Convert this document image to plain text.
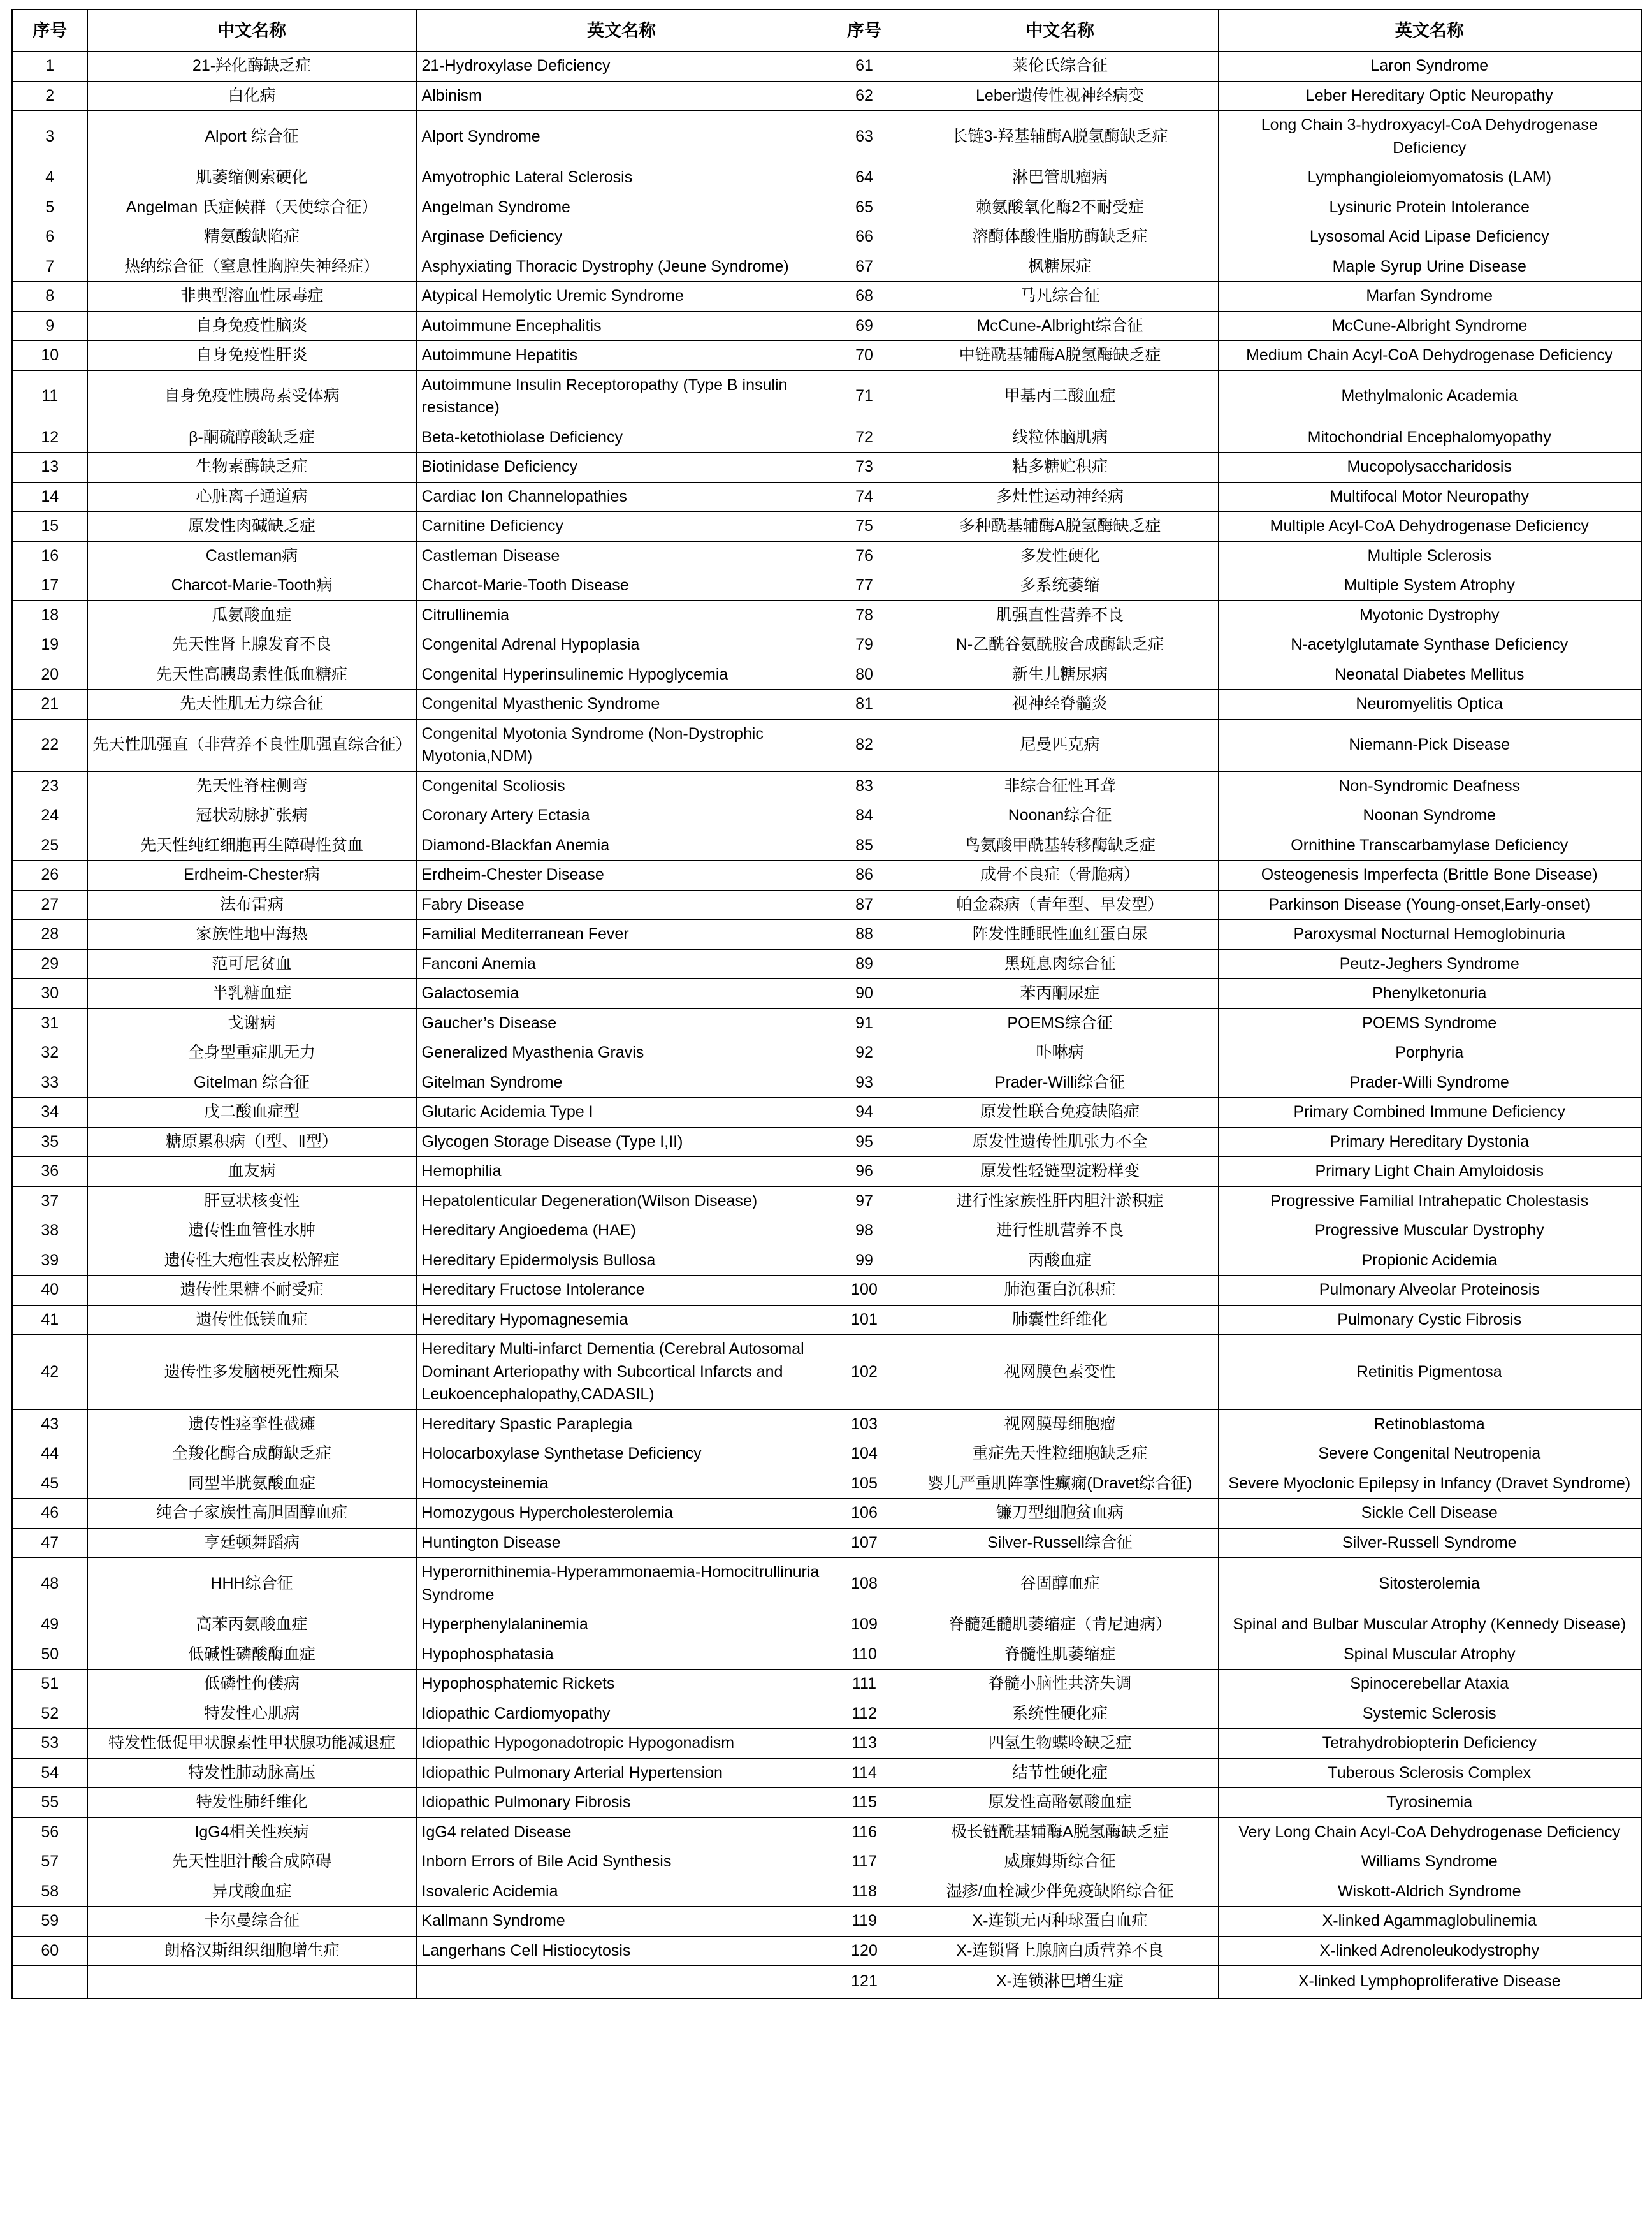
序号	中文名称	英文名称	序号	中文名称	英文名称
1	21-羟化酶缺乏症	21-Hydroxylase Deficiency	61	莱伦氏综合征	Laron Syndrome
2	白化病	Albinism	62	Leber遗传性视神经病变	Leber Hereditary Optic Neuropathy
3	Alport 综合征	Alport Syndrome	63	长链3-羟基辅酶A脱氢酶缺乏症	Long Chain 3-hydroxyacyl-CoA Dehydrogenase Deficiency
4	肌萎缩侧索硬化	Amyotrophic Lateral Sclerosis	64	淋巴管肌瘤病	Lymphangioleiomyomatosis (LAM)
5	Angelman 氏症候群（天使综合征）	Angelman Syndrome	65	赖氨酸氧化酶2不耐受症	Lysinuric Protein Intolerance
6	精氨酸缺陷症	Arginase Deficiency	66	溶酶体酸性脂肪酶缺乏症	Lysosomal Acid Lipase Deficiency
7	热纳综合征（窒息性胸腔失神经症）	Asphyxiating Thoracic Dystrophy (Jeune Syndrome)	67	枫糖尿症	Maple Syrup Urine Disease
8	非典型溶血性尿毒症	Atypical Hemolytic Uremic Syndrome	68	马凡综合征	Marfan Syndrome
9	自身免疫性脑炎	Autoimmune Encephalitis	69	McCune-Albright综合征	McCune-Albright Syndrome
10	自身免疫性肝炎	Autoimmune Hepatitis	70	中链酰基辅酶A脱氢酶缺乏症	Medium Chain Acyl-CoA Dehydrogenase Deficiency
11	自身免疫性胰岛素受体病	Autoimmune Insulin Receptoropathy (Type B insulin resistance)	71	甲基丙二酸血症	Methylmalonic Academia
12	β-酮硫醇酸缺乏症	Beta-ketothiolase Deficiency	72	线粒体脑肌病	Mitochondrial Encephalomyopathy
13	生物素酶缺乏症	Biotinidase Deficiency	73	粘多糖贮积症	Mucopolysaccharidosis
14	心脏离子通道病	Cardiac Ion Channelopathies	74	多灶性运动神经病	Multifocal Motor Neuropathy
15	原发性肉碱缺乏症	Carnitine Deficiency	75	多种酰基辅酶A脱氢酶缺乏症	Multiple Acyl-CoA Dehydrogenase Deficiency
16	Castleman病	Castleman Disease	76	多发性硬化	Multiple Sclerosis
17	Charcot-Marie-Tooth病	Charcot-Marie-Tooth Disease	77	多系统萎缩	Multiple System Atrophy
18	瓜氨酸血症	Citrullinemia	78	肌强直性营养不良	Myotonic Dystrophy
19	先天性肾上腺发育不良	Congenital Adrenal Hypoplasia	79	N-乙酰谷氨酰胺合成酶缺乏症	N-acetylglutamate Synthase Deficiency
20	先天性高胰岛素性低血糖症	Congenital Hyperinsulinemic Hypoglycemia	80	新生儿糖尿病	Neonatal Diabetes Mellitus
21	先天性肌无力综合征	Congenital Myasthenic Syndrome	81	视神经脊髓炎	Neuromyelitis Optica
22	先天性肌强直（非营养不良性肌强直综合征）	Congenital Myotonia Syndrome (Non-Dystrophic Myotonia,NDM)	82	尼曼匹克病	Niemann-Pick Disease
23	先天性脊柱侧弯	Congenital Scoliosis	83	非综合征性耳聋	Non-Syndromic Deafness
24	冠状动脉扩张病	Coronary Artery Ectasia	84	Noonan综合征	Noonan Syndrome
25	先天性纯红细胞再生障碍性贫血	Diamond-Blackfan Anemia	85	鸟氨酸甲酰基转移酶缺乏症	Ornithine Transcarbamylase Deficiency
26	Erdheim-Chester病	Erdheim-Chester Disease	86	成骨不良症（骨脆病）	Osteogenesis Imperfecta (Brittle Bone Disease)
27	法布雷病	Fabry Disease	87	帕金森病（青年型、早发型）	Parkinson Disease (Young-onset,Early-onset)
28	家族性地中海热	Familial Mediterranean Fever	88	阵发性睡眠性血红蛋白尿	Paroxysmal Nocturnal Hemoglobinuria
29	范可尼贫血	Fanconi Anemia	89	黑斑息肉综合征	Peutz-Jeghers Syndrome
30	半乳糖血症	Galactosemia	90	苯丙酮尿症	Phenylketonuria
31	戈谢病	Gaucher’s Disease	91	POEMS综合征	POEMS Syndrome
32	全身型重症肌无力	Generalized Myasthenia Gravis	92	卟啉病	Porphyria
33	Gitelman 综合征	Gitelman Syndrome	93	Prader-Willi综合征	Prader-Willi Syndrome
34	戊二酸血症型	Glutaric Acidemia Type I	94	原发性联合免疫缺陷症	Primary Combined Immune Deficiency
35	糖原累积病（Ⅰ型、Ⅱ型）	Glycogen Storage Disease (Type I,II)	95	原发性遗传性肌张力不全	Primary Hereditary Dystonia
36	血友病	Hemophilia	96	原发性轻链型淀粉样变	Primary Light Chain Amyloidosis
37	肝豆状核变性	Hepatolenticular Degeneration(Wilson Disease)	97	进行性家族性肝内胆汁淤积症	Progressive Familial Intrahepatic Cholestasis
38	遗传性血管性水肿	Hereditary Angioedema (HAE)	98	进行性肌营养不良	Progressive Muscular Dystrophy
39	遗传性大疱性表皮松解症	Hereditary Epidermolysis Bullosa	99	丙酸血症	Propionic Acidemia
40	遗传性果糖不耐受症	Hereditary Fructose Intolerance	100	肺泡蛋白沉积症	Pulmonary Alveolar Proteinosis
41	遗传性低镁血症	Hereditary Hypomagnesemia	101	肺囊性纤维化	Pulmonary Cystic Fibrosis
42	遗传性多发脑梗死性痴呆	Hereditary Multi-infarct Dementia (Cerebral Autosomal Dominant Arteriopathy with Subcortical Infarcts and Leukoencephalopathy,CADASIL)	102	视网膜色素变性	Retinitis Pigmentosa
43	遗传性痉挛性截瘫	Hereditary Spastic Paraplegia	103	视网膜母细胞瘤	Retinoblastoma
44	全羧化酶合成酶缺乏症	Holocarboxylase Synthetase Deficiency	104	重症先天性粒细胞缺乏症	Severe Congenital Neutropenia
45	同型半胱氨酸血症	Homocysteinemia	105	婴儿严重肌阵挛性癫痫(Dravet综合征)	Severe Myoclonic Epilepsy in Infancy (Dravet Syndrome)
46	纯合子家族性高胆固醇血症	Homozygous Hypercholesterolemia	106	镰刀型细胞贫血病	Sickle Cell Disease
47	亨廷顿舞蹈病	Huntington Disease	107	Silver-Russell综合征	Silver-Russell Syndrome
48	HHH综合征	Hyperornithinemia-Hyperammonaemia-Homocitrullinuria Syndrome	108	谷固醇血症	Sitosterolemia
49	高苯丙氨酸血症	Hyperphenylalaninemia	109	脊髓延髓肌萎缩症（肯尼迪病）	Spinal and Bulbar Muscular Atrophy (Kennedy Disease)
50	低碱性磷酸酶血症	Hypophosphatasia	110	脊髓性肌萎缩症	Spinal Muscular Atrophy
51	低磷性佝偻病	Hypophosphatemic Rickets	111	脊髓小脑性共济失调	Spinocerebellar Ataxia
52	特发性心肌病	Idiopathic Cardiomyopathy	112	系统性硬化症	Systemic Sclerosis
53	特发性低促甲状腺素性甲状腺功能减退症	Idiopathic Hypogonadotropic Hypogonadism	113	四氢生物蝶呤缺乏症	Tetrahydrobiopterin Deficiency
54	特发性肺动脉高压	Idiopathic Pulmonary Arterial Hypertension	114	结节性硬化症	Tuberous Sclerosis Complex
55	特发性肺纤维化	Idiopathic Pulmonary Fibrosis	115	原发性高酪氨酸血症	Tyrosinemia
56	IgG4相关性疾病	IgG4 related Disease	116	极长链酰基辅酶A脱氢酶缺乏症	Very Long Chain Acyl-CoA Dehydrogenase Deficiency
57	先天性胆汁酸合成障碍	Inborn Errors of Bile Acid Synthesis	117	威廉姆斯综合征	Williams Syndrome
58	异戊酸血症	Isovaleric Acidemia	118	湿疹/血栓减少伴免疫缺陷综合征	Wiskott-Aldrich Syndrome
59	卡尔曼综合征	Kallmann Syndrome	119	X-连锁无丙种球蛋白血症	X-linked Agammaglobulinemia
60	朗格汉斯组织细胞增生症	Langerhans Cell Histiocytosis	120	X-连锁肾上腺脑白质营养不良	X-linked Adrenoleukodystrophy
			121	X-连锁淋巴增生症	X-linked Lymphoproliferative Disease
